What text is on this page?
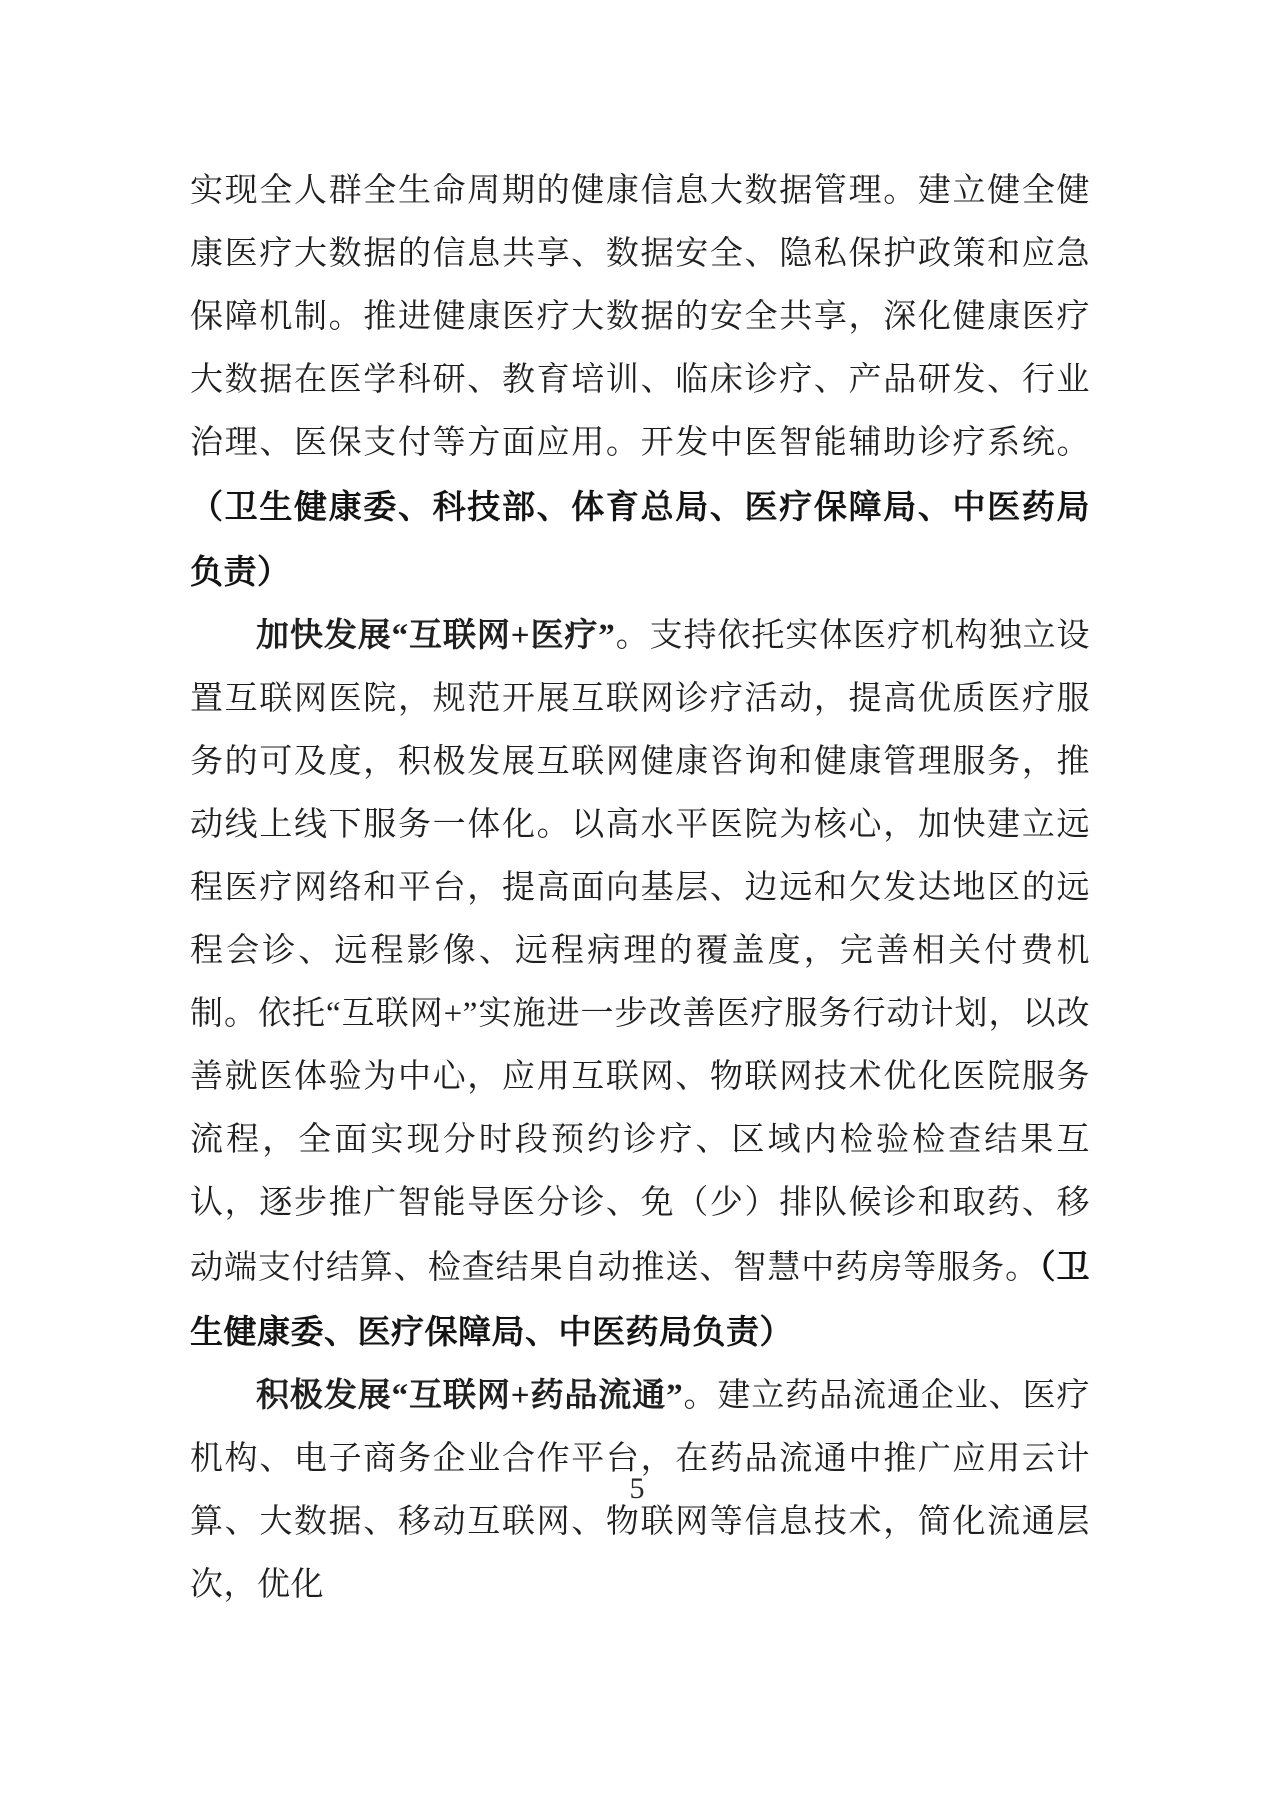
实现全人群全生命周期的健康信息大数据管理。建立健全健康医疗大数据的信息共享、数据安全、隐私保护政策和应急保障机制。推进健康医疗大数据的安全共享，深化健康医疗大数据在医学科研、教育培训、临床诊疗、产品研发、行业治理、医保支付等方面应用。开发中医智能辅助诊疗系统。（卫生健康委、科技部、体育总局、医疗保障局、中医药局负责）

加快发展“互联网+医疗”。支持依托实体医疗机构独立设置互联网医院，规范开展互联网诊疗活动，提高优质医疗服务的可及度，积极发展互联网健康咨询和健康管理服务，推动线上线下服务一体化。以高水平医院为核心，加快建立远程医疗网络和平台，提高面向基层、边远和欠发达地区的远程会诊、远程影像、远程病理的覆盖度，完善相关付费机制。依托“互联网+”实施进一步改善医疗服务行动计划，以改善就医体验为中心，应用互联网、物联网技术优化医院服务流程，全面实现分时段预约诊疗、区域内检验检查结果互认，逐步推广智能导医分诊、免（少）排队候诊和取药、移动端支付结算、检查结果自动推送、智慧中药房等服务。（卫生健康委、医疗保障局、中医药局负责）

积极发展“互联网+药品流通”。建立药品流通企业、医疗机构、电子商务企业合作平台，在药品流通中推广应用云计算、大数据、移动互联网、物联网等信息技术，简化流通层次，优化

5
